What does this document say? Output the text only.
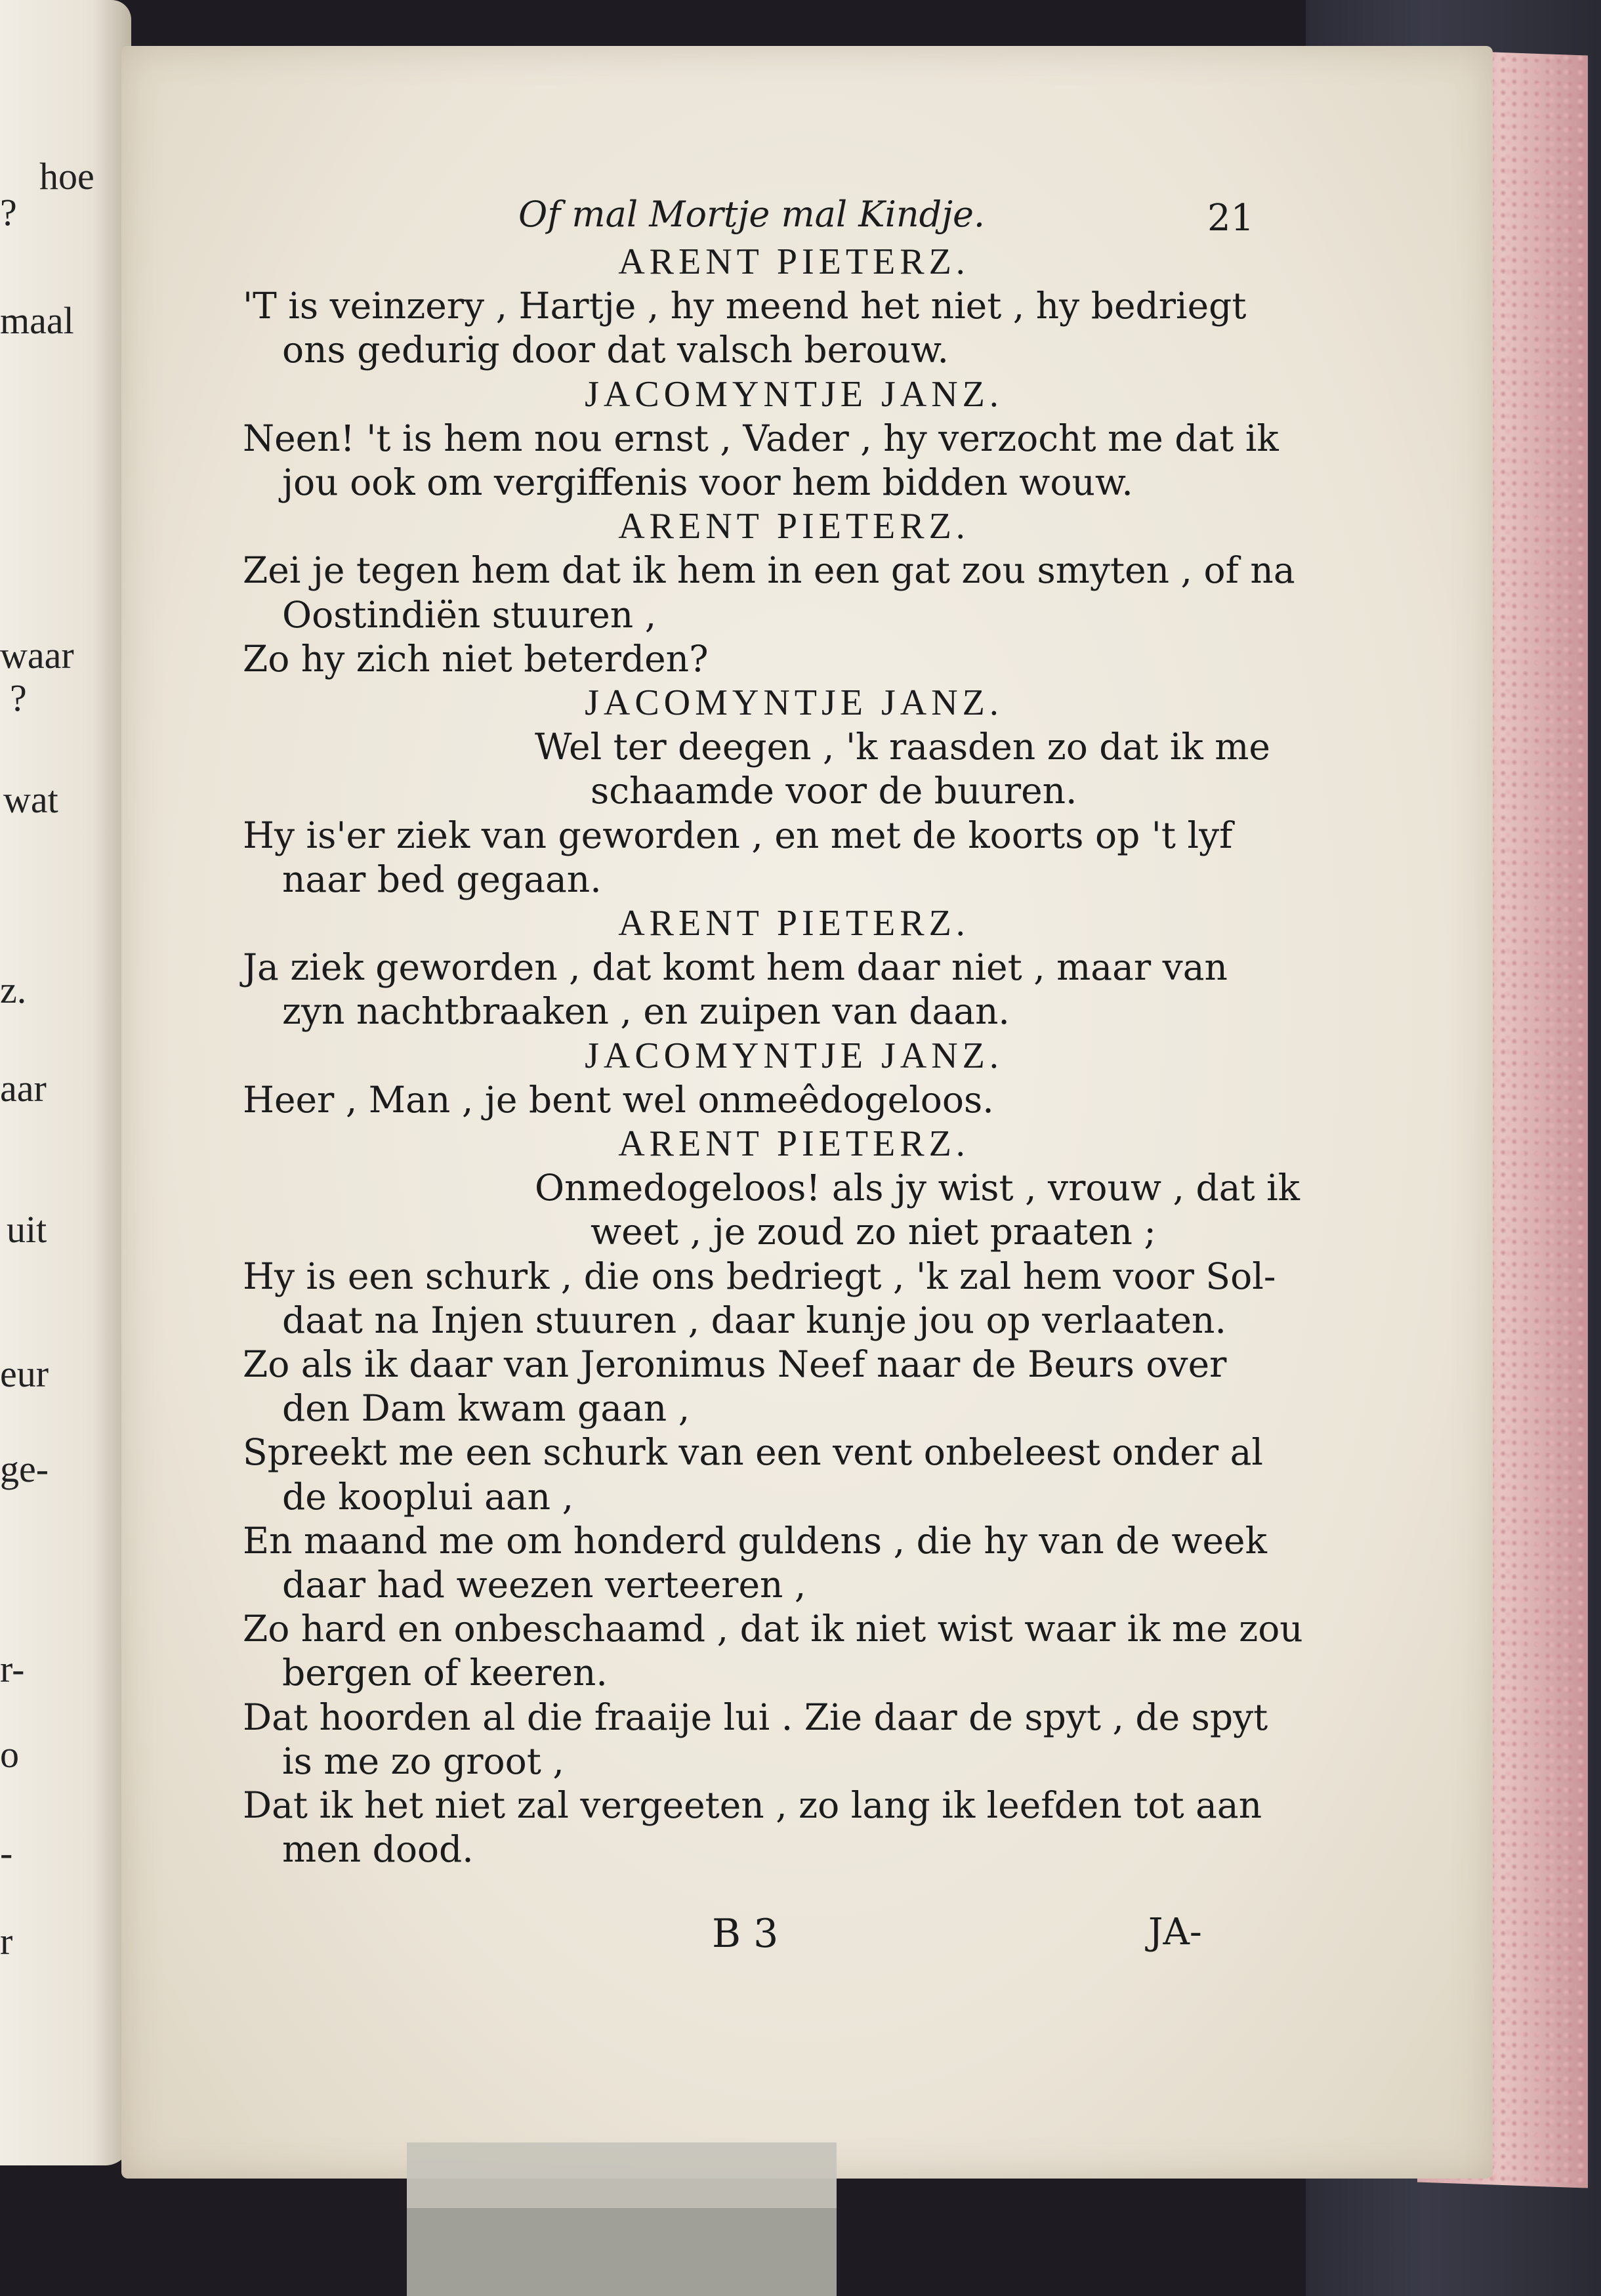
hoe
?
maal
waar
?
wat
z.
aar
uit
eur
ge-
r-
o
-
r
Of mal Mortje mal Kindje.	21
ARENT PIETERZ.
'T is veinzery , Hartje , hy meend het niet , hy bedriegt
ons gedurig door dat valsch berouw.
JACOMYNTJE JANZ.
Neen! 't is hem nou ernst , Vader , hy verzocht me dat ik
jou ook om vergiffenis voor hem bidden wouw.
ARENT PIETERZ.
Zei je tegen hem dat ik hem in een gat zou smyten , of na
Oostindiën stuuren ,
Zo hy zich niet beterden?
JACOMYNTJE JANZ.
Wel ter deegen , 'k raasden zo dat ik me
schaamde voor de buuren.
Hy is'er ziek van geworden , en met de koorts op 't lyf
naar bed gegaan.
ARENT PIETERZ.
Ja ziek geworden , dat komt hem daar niet , maar van
zyn nachtbraaken , en zuipen van daan.
JACOMYNTJE JANZ.
Heer , Man , je bent wel onmeêdogeloos.
ARENT PIETERZ.
Onmedogeloos! als jy wist , vrouw , dat ik
weet , je zoud zo niet praaten ;
Hy is een schurk , die ons bedriegt , 'k zal hem voor Sol-
daat na Injen stuuren , daar kunje jou op verlaaten.
Zo als ik daar van Jeronimus Neef naar de Beurs over
den Dam kwam gaan ,
Spreekt me een schurk van een vent onbeleest onder al
de kooplui aan ,
En maand me om honderd guldens , die hy van de week
daar had weezen verteeren ,
Zo hard en onbeschaamd , dat ik niet wist waar ik me zou
bergen of keeren.
Dat hoorden al die fraaije lui . Zie daar de spyt , de spyt
is me zo groot ,
Dat ik het niet zal vergeeten , zo lang ik leefden tot aan
men dood.
B 3	JA-
